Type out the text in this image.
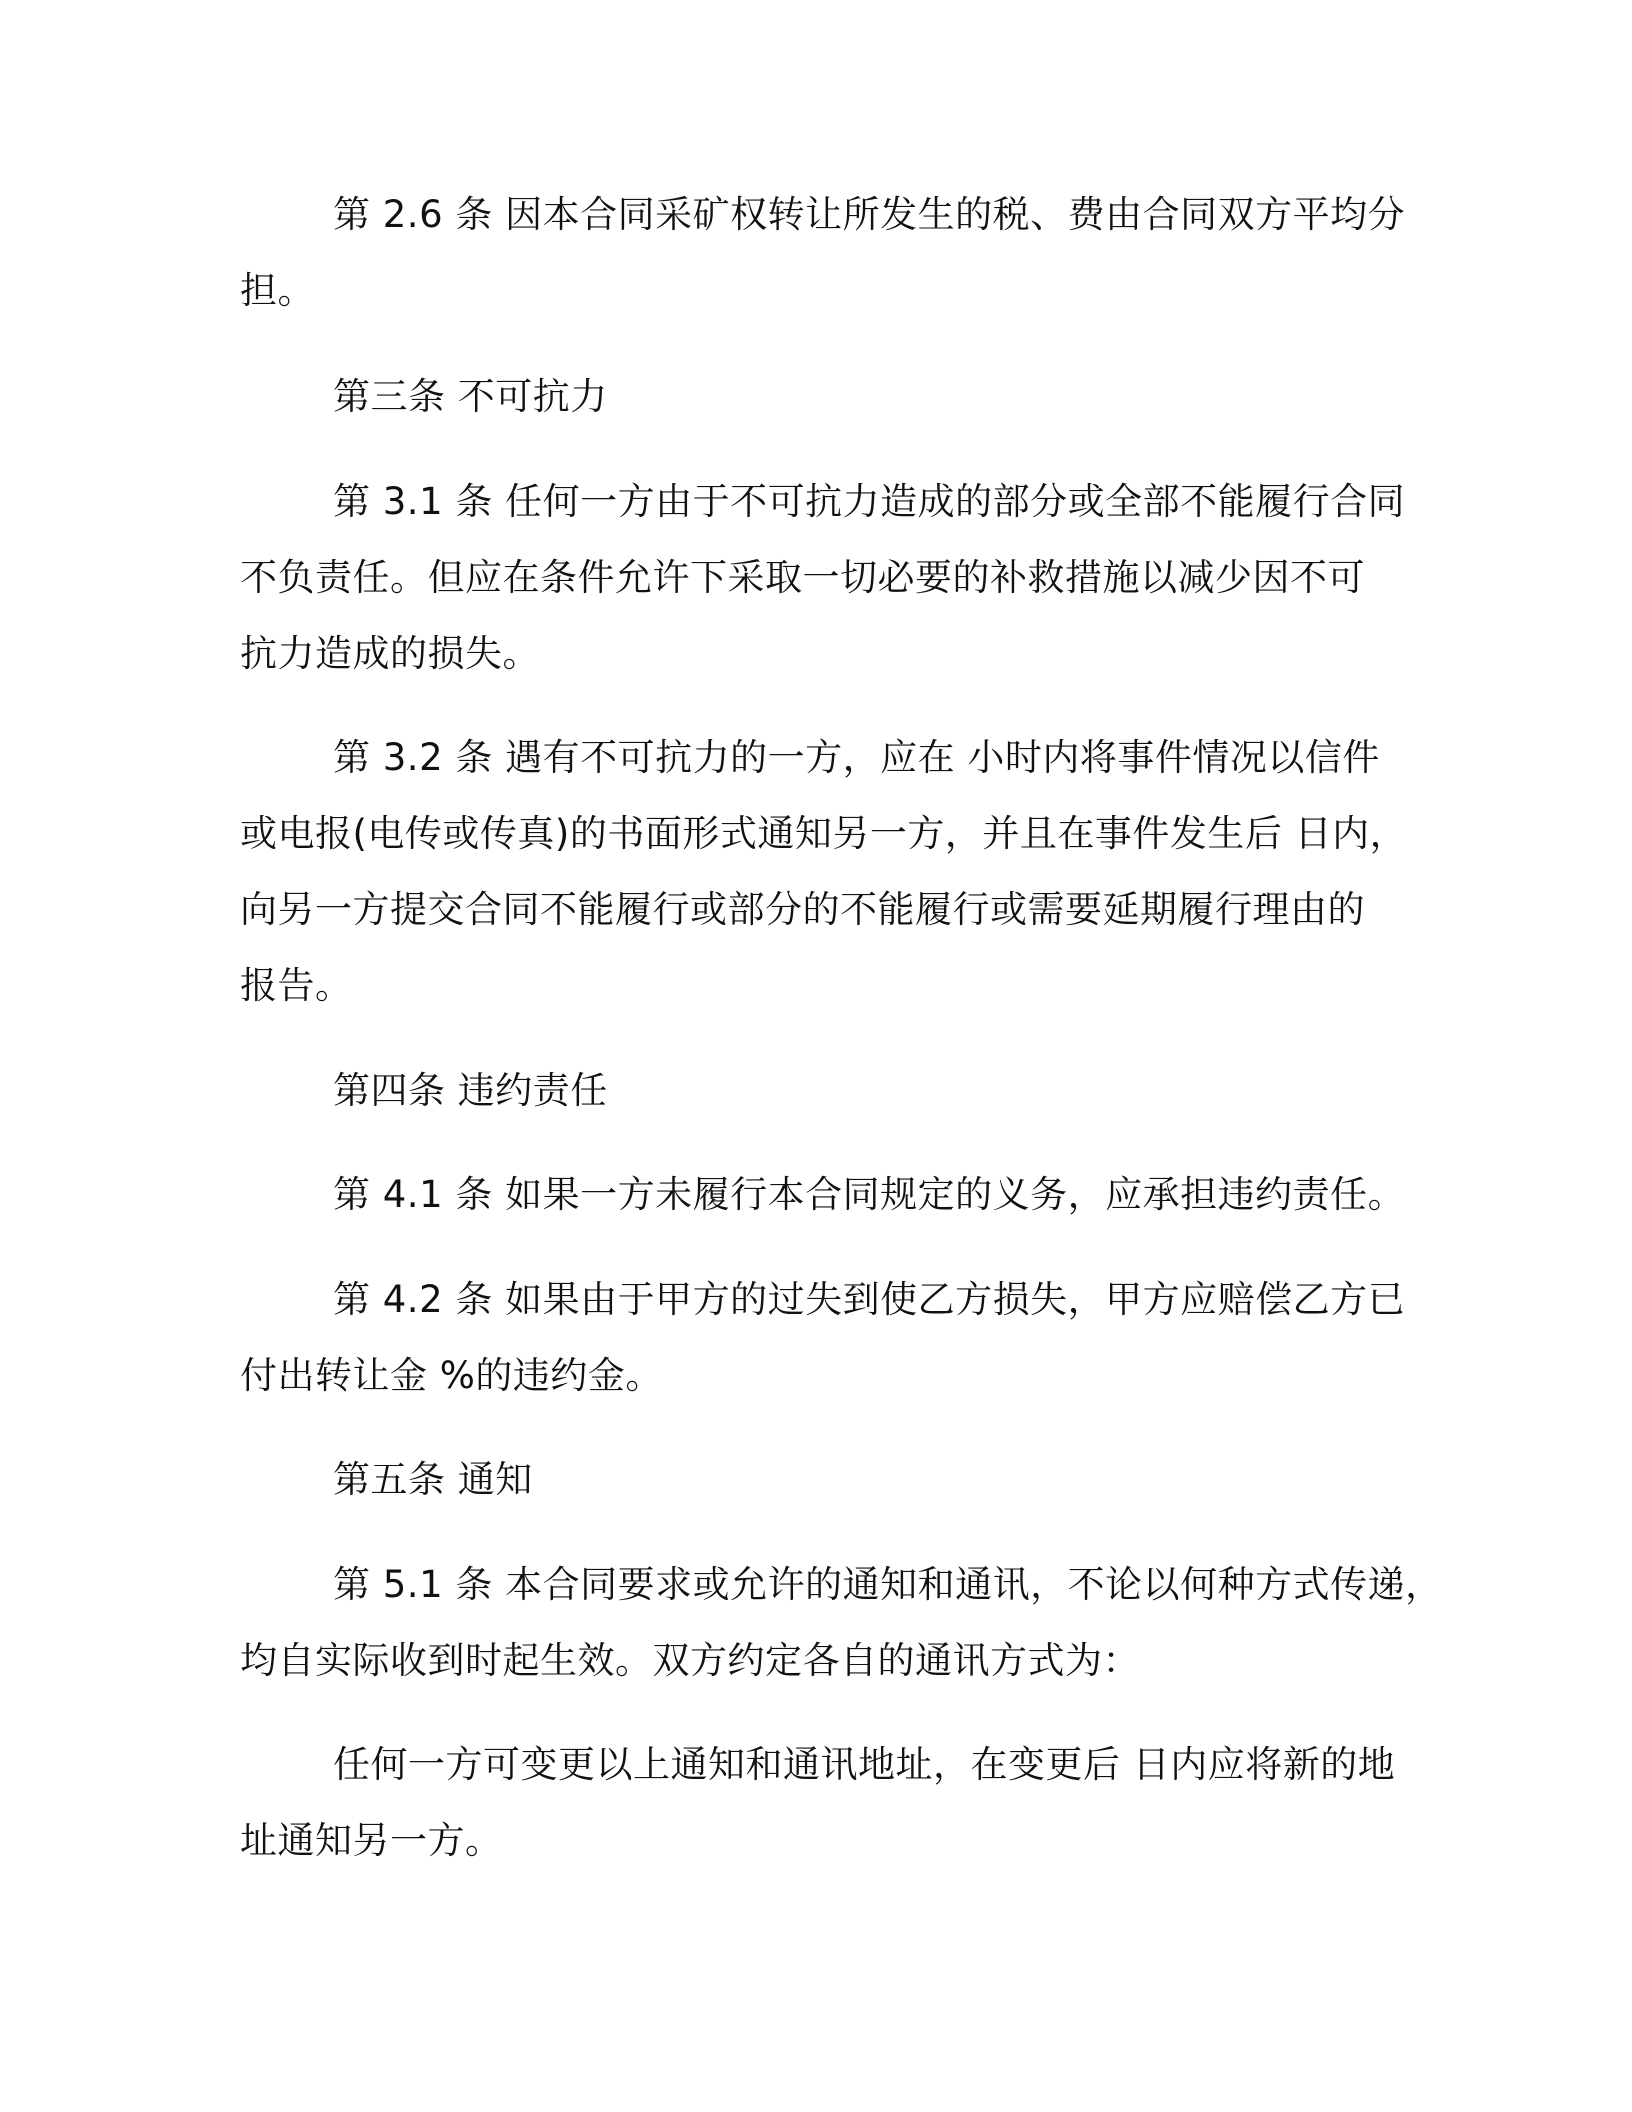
第 2.6 条 因本合同采矿权转让所发生的税、费由合同双方平均分
担。
第三条 不可抗力
第 3.1 条 任何一方由于不可抗力造成的部分或全部不能履行合同
不负责任。但应在条件允许下采取一切必要的补救措施以减少因不可
抗力造成的损失。
第 3.2 条 遇有不可抗力的一方，应在 小时内将事件情况以信件
或电报(电传或传真)的书面形式通知另一方，并且在事件发生后 日内，
向另一方提交合同不能履行或部分的不能履行或需要延期履行理由的
报告。
第四条 违约责任
第 4.1 条 如果一方未履行本合同规定的义务，应承担违约责任。
第 4.2 条 如果由于甲方的过失到使乙方损失，甲方应赔偿乙方已
付出转让金 %的违约金。
第五条 通知
第 5.1 条 本合同要求或允许的通知和通讯，不论以何种方式传递，
均自实际收到时起生效。双方约定各自的通讯方式为：
任何一方可变更以上通知和通讯地址，在变更后 日内应将新的地
址通知另一方。
